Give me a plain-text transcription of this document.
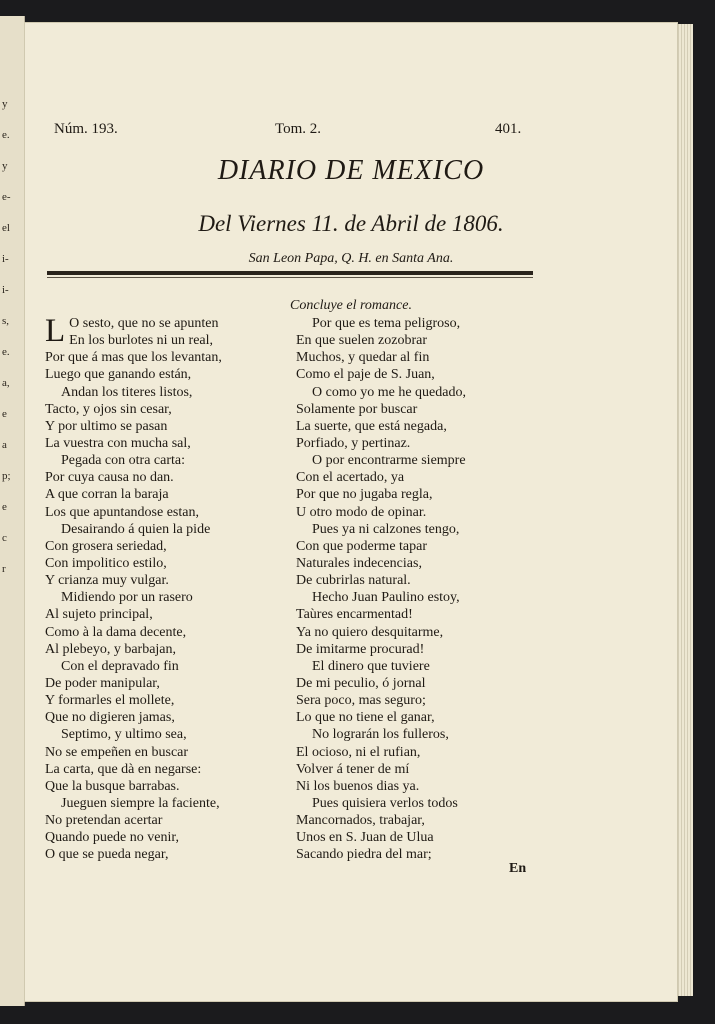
y
e.
y
e-
el
i-
i-
s,
e.
a,
e
a
p;
e
c
r
Núm. 193.	Tom. 2.	401.
DIARIO DE MEXICO
Del Viernes 11. de Abril de 1806.
San Leon Papa, Q. H. en Santa Ana.
Concluye el romance.
L O sesto, que no se apunten
En los burlotes ni un real,
Por que á mas que los levantan,
Luego que ganando están,
Andan los titeres listos,
Tacto, y ojos sin cesar,
Y por ultimo se pasan
La vuestra con mucha sal,
Pegada con otra carta:
Por cuya causa no dan.
A que corran la baraja
Los que apuntandose estan,
Desairando á quien la pide
Con grosera seriedad,
Con impolitico estilo,
Y crianza muy vulgar.
Midiendo por un rasero
Al sujeto principal,
Como à la dama decente,
Al plebeyo, y barbajan,
Con el depravado fin
De poder manipular,
Y formarles el mollete,
Que no digieren jamas,
Septimo, y ultimo sea,
No se empeñen en buscar
La carta, que dà en negarse:
Que la busque barrabas.
Jueguen siempre la faciente,
No pretendan acertar
Quando puede no venir,
O que se pueda negar,
Por que es tema peligroso,
En que suelen zozobrar
Muchos, y quedar al fin
Como el paje de S. Juan,
O como yo me he quedado,
Solamente por buscar
La suerte, que está negada,
Porfiado, y pertinaz.
O por encontrarme siempre
Con el acertado, ya
Por que no jugaba regla,
U otro modo de opinar.
Pues ya ni calzones tengo,
Con que poderme tapar
Naturales indecencias,
De cubrirlas natural.
Hecho Juan Paulino estoy,
Taùres encarmentad!
Ya no quiero desquitarme,
De imitarme procurad!
El dinero que tuviere
De mi peculio, ó jornal
Sera poco, mas seguro;
Lo que no tiene el ganar,
No lograrán los fulleros,
El ocioso, ni el rufian,
Volver á tener de mí
Ni los buenos dias ya.
Pues quisiera verlos todos
Mancornados, trabajar,
Unos en S. Juan de Ulua
Sacando piedra del mar;
En
